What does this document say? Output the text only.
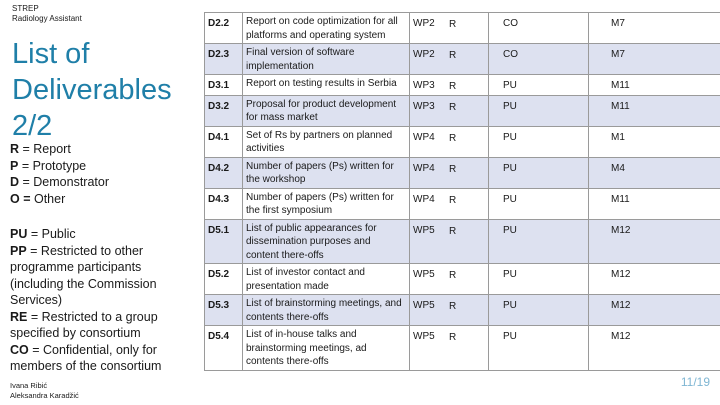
STREP
Radiology Assistant
List of
Deliverables
2/2
R = Report
P = Prototype
D = Demonstrator
O = Other
PU = Public
PP = Restricted to other programme participants (including the Commission Services)
RE = Restricted to a group specified by consortium
CO = Confidential, only for members of the consortium
Ivana Ribić
Aleksandra Karadžić
11/19
D2.2	Report on code optimization for all platforms and operating system	WP2	R	CO	M7
D2.3	Final version of software implementation	WP2	R	CO	M7
D3.1	Report on testing results in Serbia	WP3	R	PU	M11
D3.2	Proposal for product development for mass market	WP3	R	PU	M11
D4.1	Set of Rs by partners on planned activities	WP4	R	PU	M1
D4.2	Number of papers (Ps) written for the workshop	WP4	R	PU	M4
D4.3	Number of papers (Ps) written for the first symposium	WP4	R	PU	M11
D5.1	List of public appearances for dissemination purposes and content there-offs	WP5	R	PU	M12
D5.2	List of investor contact and presentation made	WP5	R	PU	M12
D5.3	List of brainstorming meetings, and contents there-offs	WP5	R	PU	M12
D5.4	List of in-house talks and brainstorming meetings, ad contents there-offs	WP5	R	PU	M12
